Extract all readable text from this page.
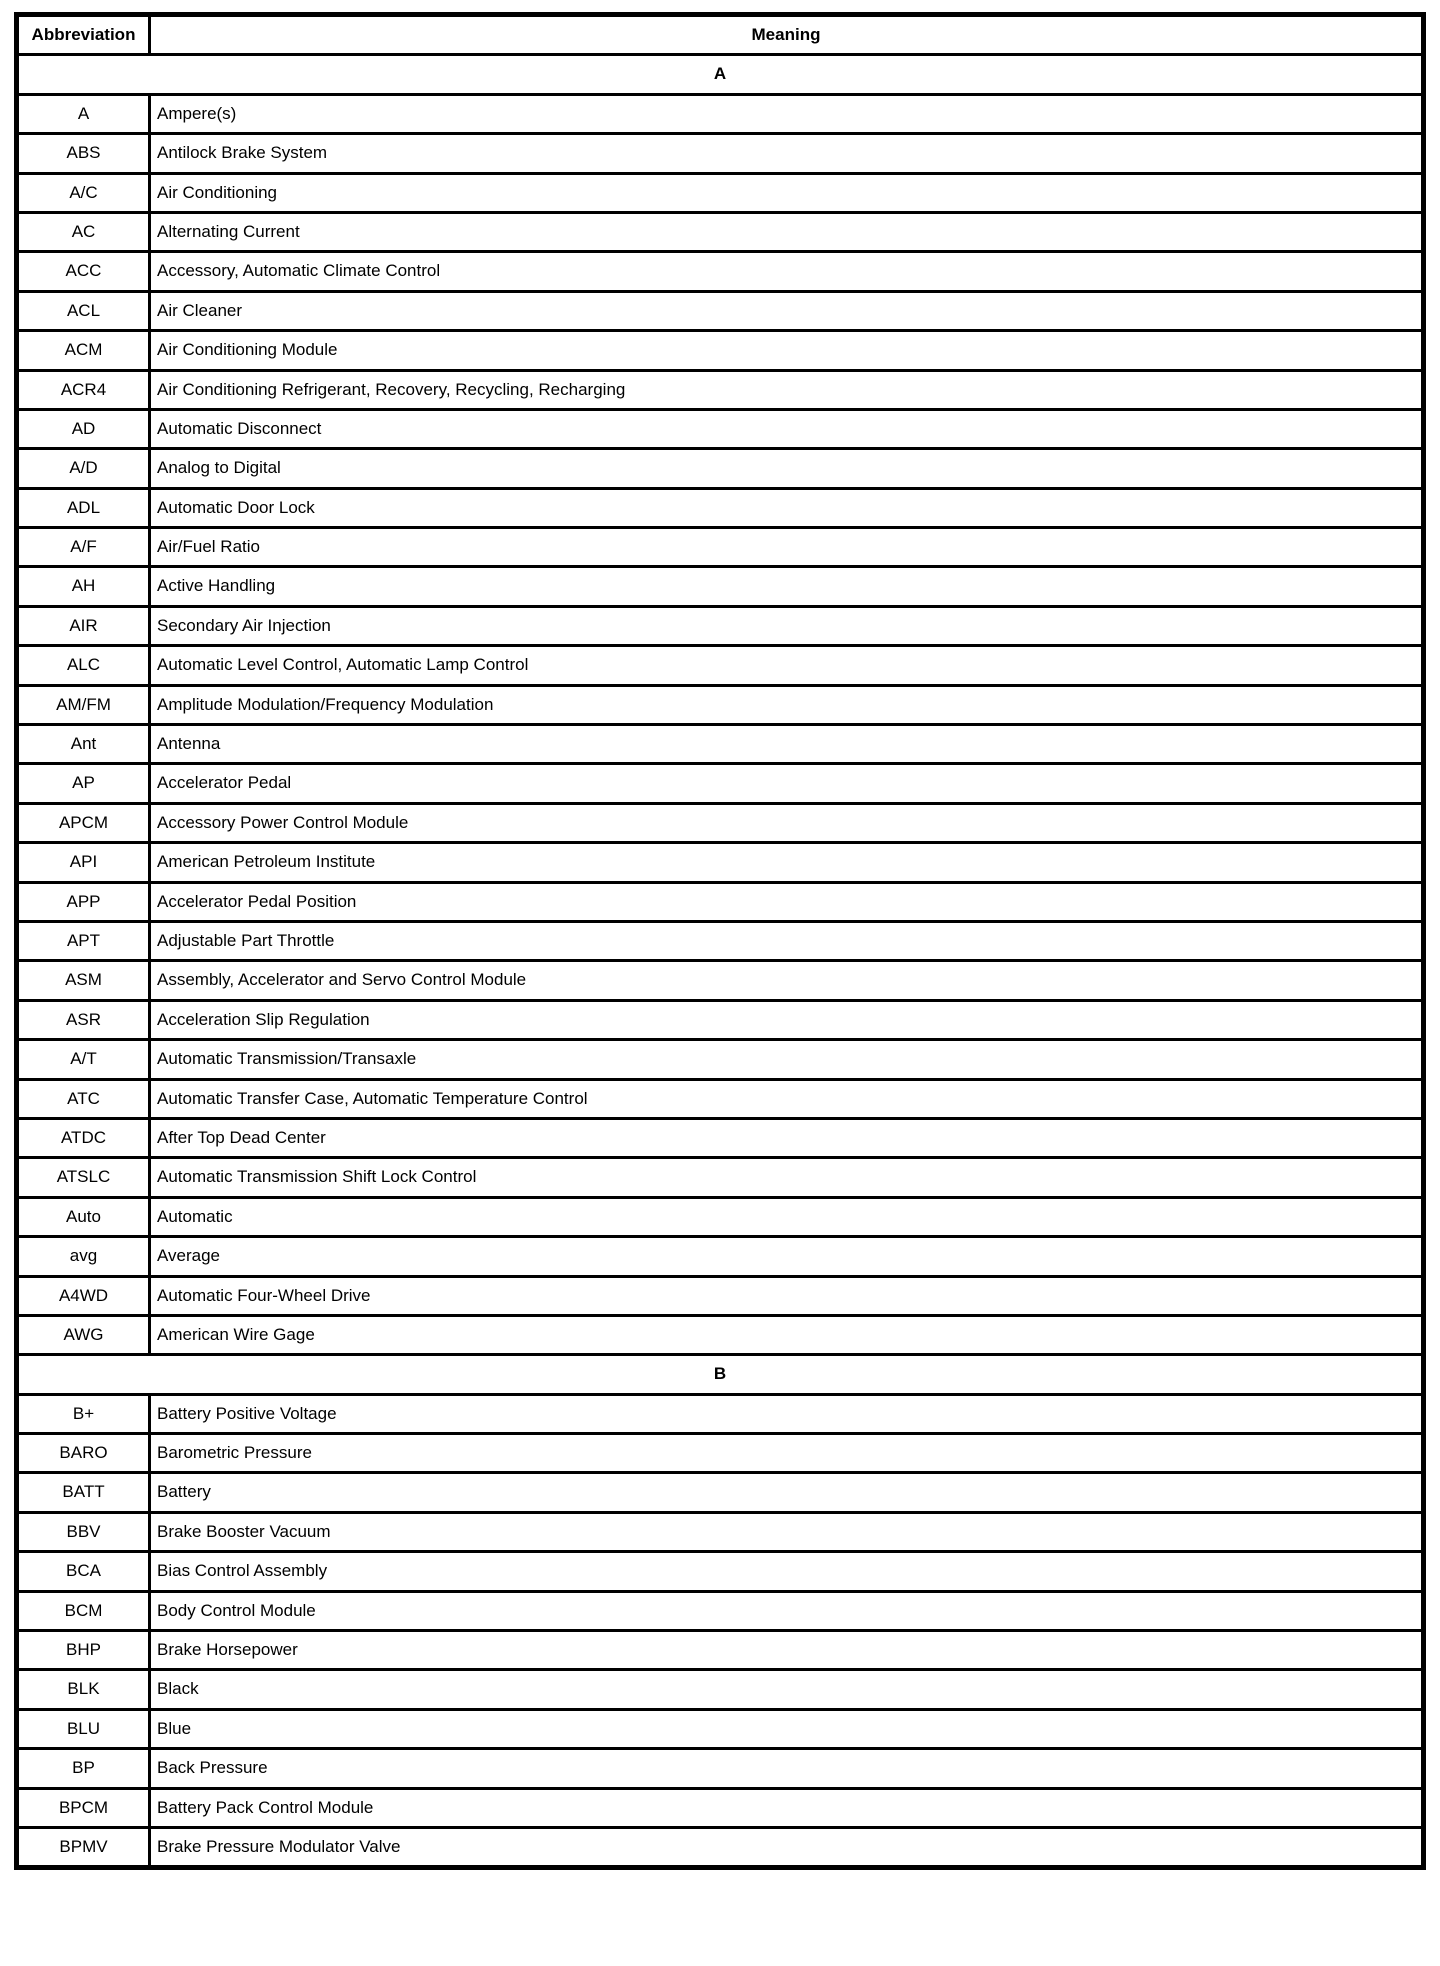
Abbreviation	Meaning
A	
A	Ampere(s)
ABS	Antilock Brake System
A/C	Air Conditioning
AC	Alternating Current
ACC	Accessory, Automatic Climate Control
ACL	Air Cleaner
ACM	Air Conditioning Module
ACR4	Air Conditioning Refrigerant, Recovery, Recycling, Recharging
AD	Automatic Disconnect
A/D	Analog to Digital
ADL	Automatic Door Lock
A/F	Air/Fuel Ratio
AH	Active Handling
AIR	Secondary Air Injection
ALC	Automatic Level Control, Automatic Lamp Control
AM/FM	Amplitude Modulation/Frequency Modulation
Ant	Antenna
AP	Accelerator Pedal
APCM	Accessory Power Control Module
API	American Petroleum Institute
APP	Accelerator Pedal Position
APT	Adjustable Part Throttle
ASM	Assembly, Accelerator and Servo Control Module
ASR	Acceleration Slip Regulation
A/T	Automatic Transmission/Transaxle
ATC	Automatic Transfer Case, Automatic Temperature Control
ATDC	After Top Dead Center
ATSLC	Automatic Transmission Shift Lock Control
Auto	Automatic
avg	Average
A4WD	Automatic Four-Wheel Drive
AWG	American Wire Gage
B	
B+	Battery Positive Voltage
BARO	Barometric Pressure
BATT	Battery
BBV	Brake Booster Vacuum
BCA	Bias Control Assembly
BCM	Body Control Module
BHP	Brake Horsepower
BLK	Black
BLU	Blue
BP	Back Pressure
BPCM	Battery Pack Control Module
BPMV	Brake Pressure Modulator Valve
